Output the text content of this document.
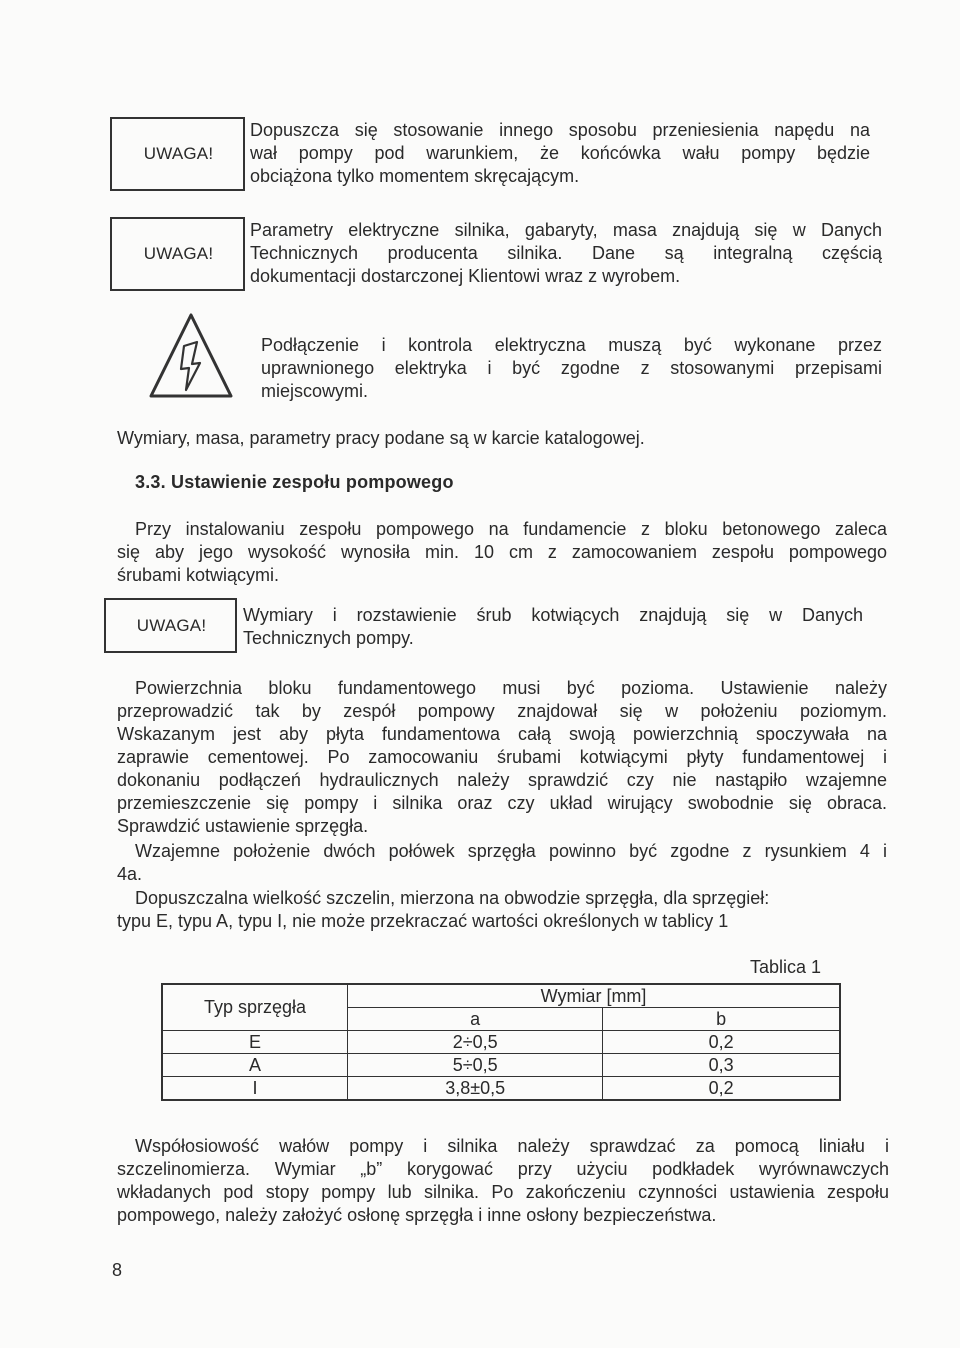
UWAGA!
Dopuszcza się stosowanie innego sposobu przeniesienia napędu na
wał pompy pod warunkiem, że końcówka wału pompy będzie
obciążona tylko momentem skręcającym.
UWAGA!
Parametry elektryczne silnika, gabaryty, masa znajdują się w Danych
Technicznych producenta silnika. Dane są integralną częścią
dokumentacji dostarczonej Klientowi wraz z wyrobem.
Podłączenie i kontrola elektryczna muszą być wykonane przez
uprawnionego elektryka i być zgodne z stosowanymi przepisami
miejscowymi.
Wymiary, masa, parametry pracy podane są w karcie katalogowej.
3.3. Ustawienie zespołu pompowego
Przy instalowaniu zespołu pompowego na fundamencie z bloku betonowego zaleca
się aby jego wysokość wynosiła min. 10 cm z zamocowaniem zespołu pompowego
śrubami kotwiącymi.
UWAGA! Wymiary i rozstawienie śrub kotwiących znajdują się w Danych
Technicznych pompy.
Powierzchnia bloku fundamentowego musi być pozioma. Ustawienie należy
przeprowadzić tak by zespół pompowy znajdował się w położeniu poziomym.
Wskazanym jest aby płyta fundamentowa całą swoją powierzchnią spoczywała na
zaprawie cementowej. Po zamocowaniu śrubami kotwiącymi płyty fundamentowej i
dokonaniu podłączeń hydraulicznych należy sprawdzić czy nie nastąpiło wzajemne
przemieszczenie się pompy i silnika oraz czy układ wirujący swobodnie się obraca.
Sprawdzić ustawienie sprzęgła.
Wzajemne położenie dwóch połówek sprzęgła powinno być zgodne z rysunkiem 4 i
4a.
Dopuszczalna wielkość szczelin, mierzona na obwodzie sprzęgła, dla sprzęgieł:
typu E, typu A, typu I, nie może przekraczać wartości określonych w tablicy 1
Tablica 1
Typ sprzęgła	Wymiar [mm]	
	a	b
E	2÷0,5	0,2
A	5÷0,5	0,3
I	3,8±0,5	0,2
Współosiowość wałów pompy i silnika należy sprawdzać za pomocą liniału i
szczelinomierza. Wymiar „b” korygować przy użyciu podkładek wyrównawczych
wkładanych pod stopy pompy lub silnika. Po zakończeniu czynności ustawienia zespołu
pompowego, należy założyć osłonę sprzęgła i inne osłony bezpieczeństwa.
8
